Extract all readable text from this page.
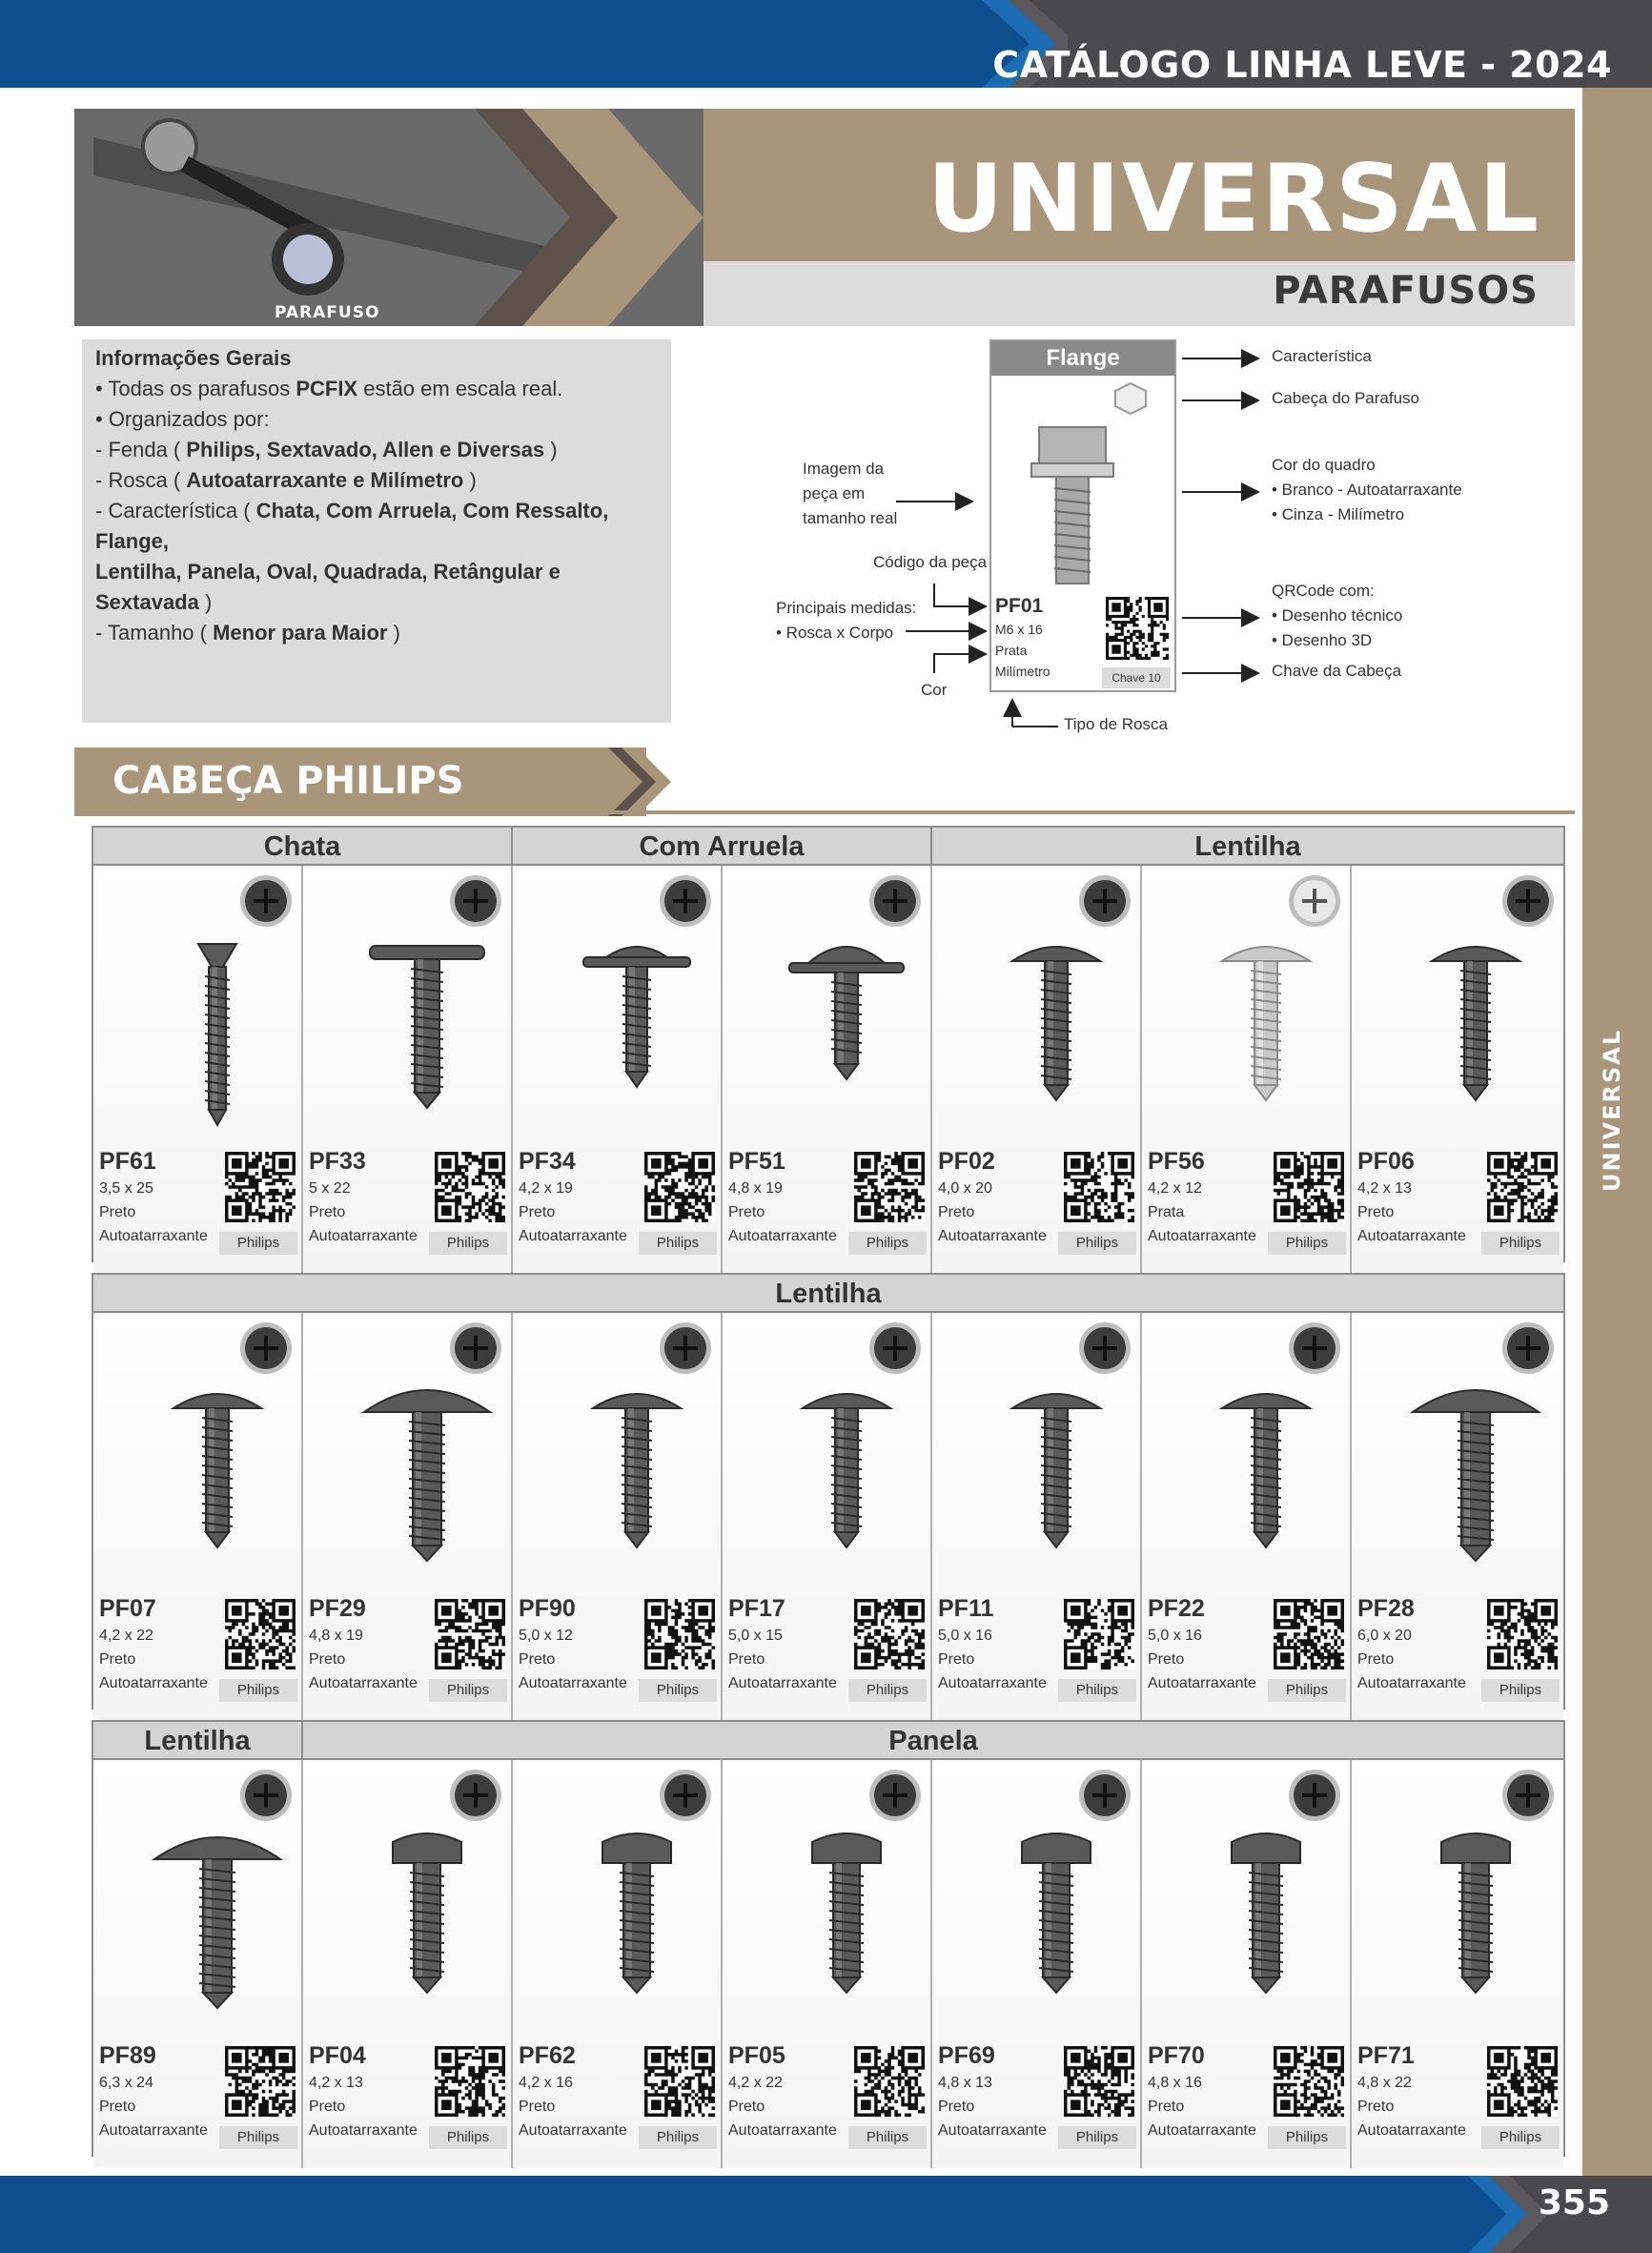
CATÁLOGO LINHA LEVE - 2024
UNIVERSAL
PARAFUSO
UNIVERSAL
PARAFUSOS
Informações Gerais
• Todas os parafusos PCFIX estão em escala real.
• Organizados por:
- Fenda ( Philips, Sextavado, Allen e Diversas )
- Rosca ( Autoatarraxante e Milímetro )
- Característica ( Chata, Com Arruela, Com Ressalto, Flange,
Lentilha, Panela, Oval, Quadrada, Retângular e Sextavada )
- Tamanho ( Menor para Maior )
Flange
PF01
M6 x 16
Prata
Milímetro	Chave 10
Característica
Cabeça do Parafuso
Cor do quadro
• Branco - Autoatarraxante
• Cinza - Milímetro
Imagem da
peça em
tamanho real
Código da peça
Principais medidas:
• Rosca x Corpo
QRCode com:
• Desenho técnico
• Desenho 3D
Chave da Cabeça
Cor
Tipo de Rosca
CABEÇA PHILIPS
Chata	Com Arruela	Lentilha
PF61
3,5 x 25
Preto
Autoatarraxante	Philips
PF33
5 x 22
Preto
Autoatarraxante	Philips
PF34
4,2 x 19
Preto
Autoatarraxante	Philips
PF51
4,8 x 19
Preto
Autoatarraxante	Philips
PF02
4,0 x 20
Preto
Autoatarraxante	Philips
PF56
4,2 x 12
Prata
Autoatarraxante	Philips
PF06
4,2 x 13
Preto
Autoatarraxante	Philips
Lentilha
PF07
4,2 x 22
Preto
Autoatarraxante	Philips
PF29
4,8 x 19
Preto
Autoatarraxante	Philips
PF90
5,0 x 12
Preto
Autoatarraxante	Philips
PF17
5,0 x 15
Preto
Autoatarraxante	Philips
PF11
5,0 x 16
Preto
Autoatarraxante	Philips
PF22
5,0 x 16
Preto
Autoatarraxante	Philips
PF28
6,0 x 20
Preto
Autoatarraxante	Philips
Lentilha	Panela
PF89
6,3 x 24
Preto
Autoatarraxante	Philips
PF04
4,2 x 13
Preto
Autoatarraxante	Philips
PF62
4,2 x 16
Preto
Autoatarraxante	Philips
PF05
4,2 x 22
Preto
Autoatarraxante	Philips
PF69
4,8 x 13
Preto
Autoatarraxante	Philips
PF70
4,8 x 16
Preto
Autoatarraxante	Philips
PF71
4,8 x 22
Preto
Autoatarraxante	Philips
355
